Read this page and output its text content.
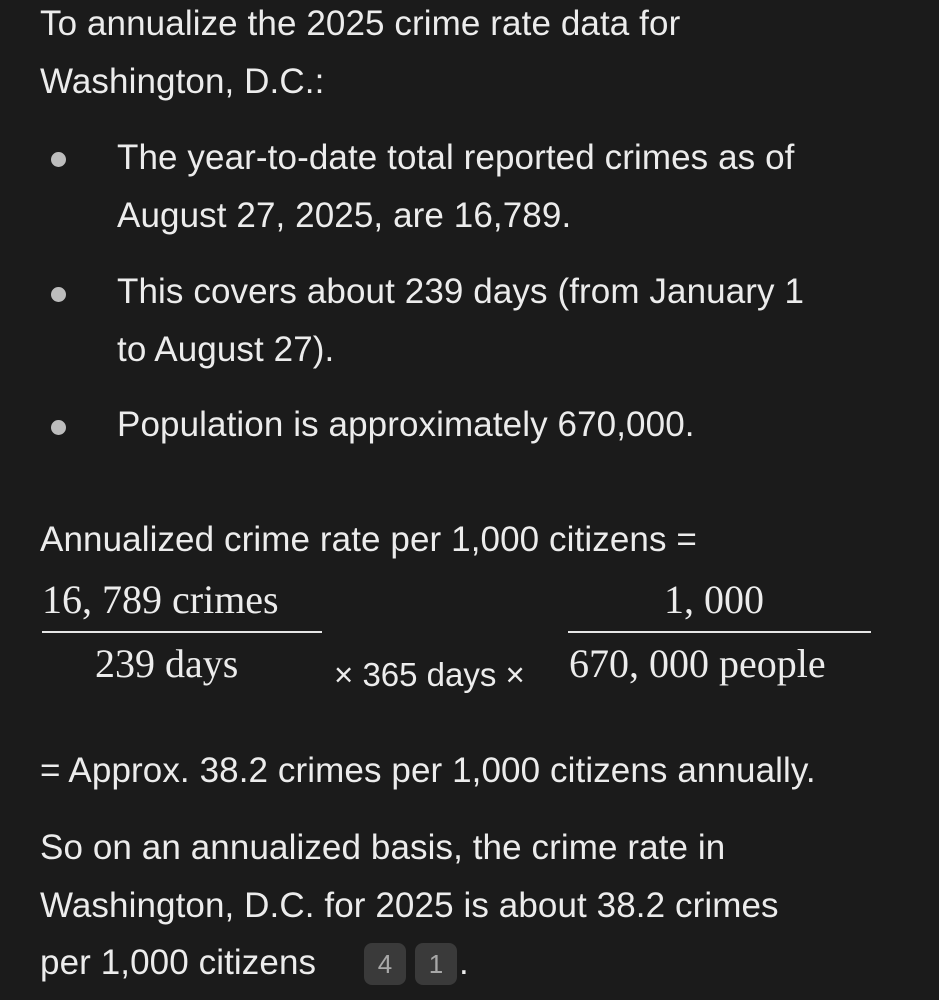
To annualize the 2025 crime rate data for
Washington, D.C.:
The year-to-date total reported crimes as of
August 27, 2025, are 16,789.
This covers about 239 days (from January 1
to August 27).
Population is approximately 670,000.
Annualized crime rate per 1,000 citizens =
16, 789 crimes
239 days	× 365 days ×
1, 000
670, 000 people
= Approx. 38.2 crimes per 1,000 citizens annually.
So on an annualized basis, the crime rate in
Washington, D.C. for 2025 is about 38.2 crimes
per 1,000 citizens	4	1 .
